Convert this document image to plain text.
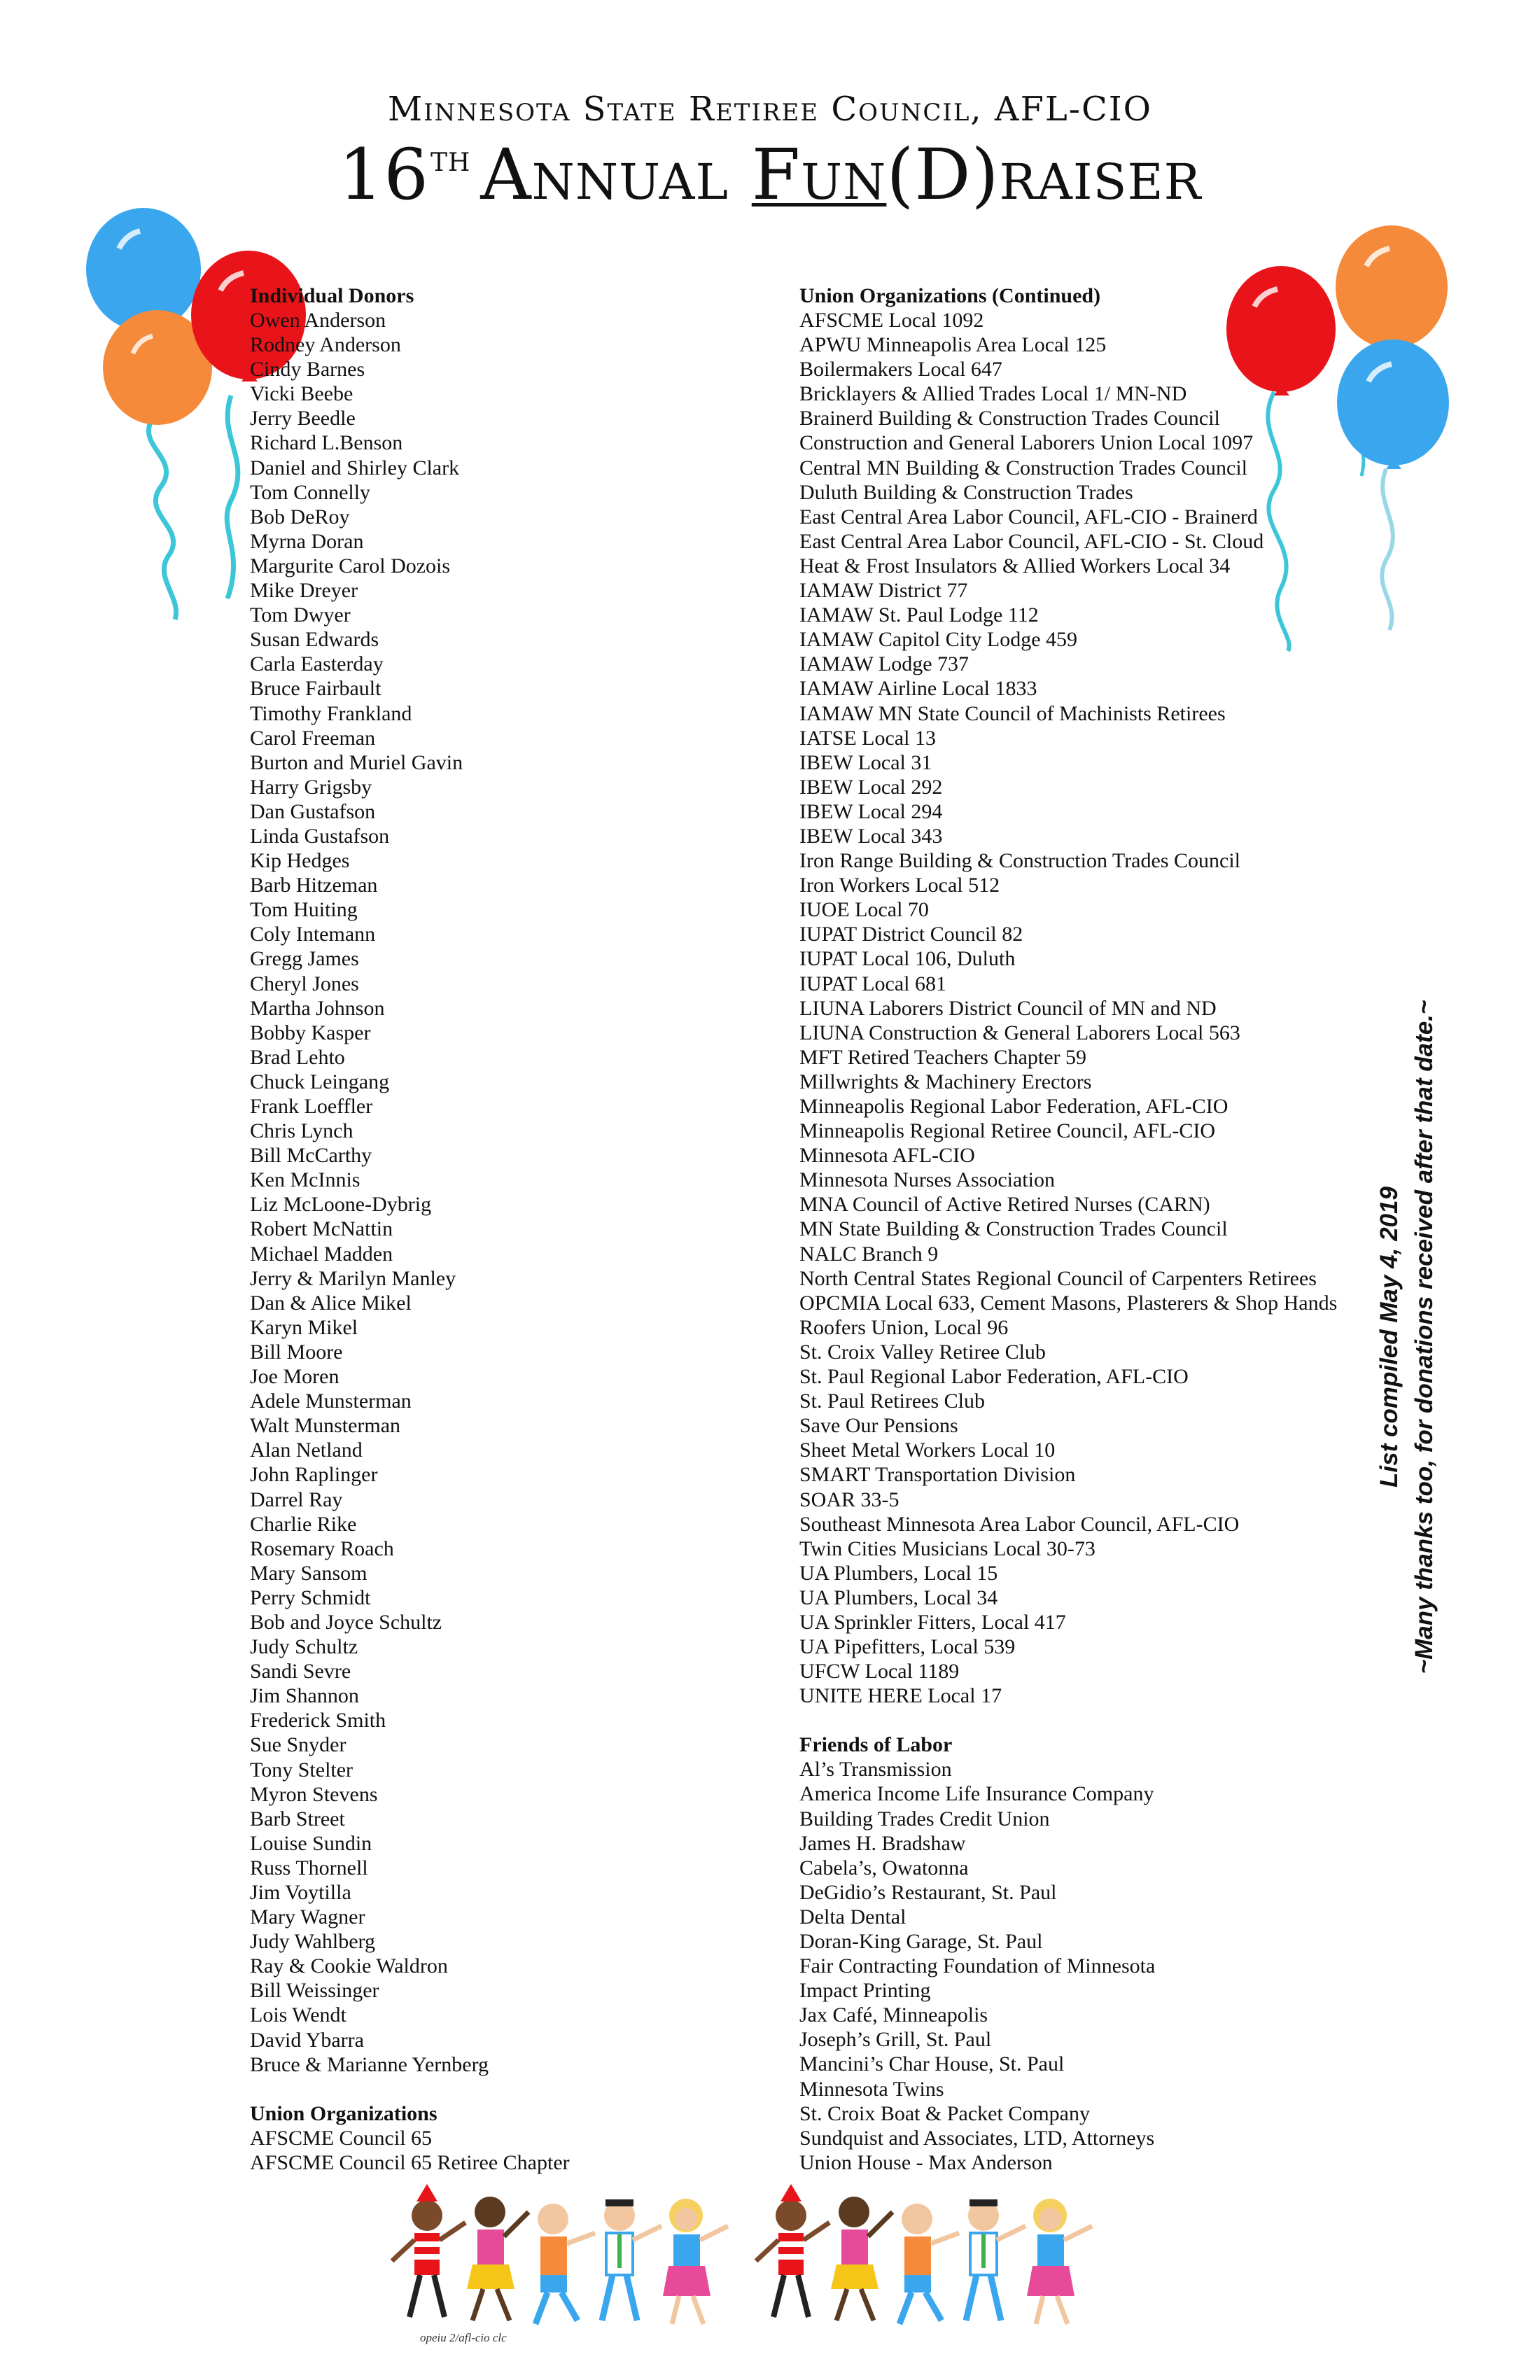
Minnesota State Retiree Council, AFL-CIO
16th Annual Fun(D)raiser
Individual Donors
Owen Anderson
Rodney Anderson
Cindy Barnes
Vicki Beebe
Jerry Beedle
Richard L.Benson
Daniel and Shirley Clark
Tom Connelly
Bob DeRoy
Myrna Doran
Margurite Carol Dozois
Mike Dreyer
Tom Dwyer
Susan Edwards
Carla Easterday
Bruce Fairbault
Timothy Frankland
Carol Freeman
Burton and Muriel Gavin
Harry Grigsby
Dan Gustafson
Linda Gustafson
Kip Hedges
Barb Hitzeman
Tom Huiting
Coly Intemann
Gregg James
Cheryl Jones
Martha Johnson
Bobby Kasper
Brad Lehto
Chuck Leingang
Frank Loeffler
Chris Lynch
Bill McCarthy
Ken McInnis
Liz McLoone-Dybrig
Robert McNattin
Michael Madden
Jerry & Marilyn Manley
Dan & Alice Mikel
Karyn Mikel
Bill Moore
Joe Moren
Adele Munsterman
Walt Munsterman
Alan Netland
John Raplinger
Darrel Ray
Charlie Rike
Rosemary Roach
Mary Sansom
Perry Schmidt
Bob and Joyce Schultz
Judy Schultz
Sandi Sevre
Jim Shannon
Frederick Smith
Sue Snyder
Tony Stelter
Myron Stevens
Barb Street
Louise Sundin
Russ Thornell
Jim Voytilla
Mary Wagner
Judy Wahlberg
Ray & Cookie Waldron
Bill Weissinger
Lois Wendt
David Ybarra
Bruce & Marianne Yernberg
Union Organizations
AFSCME Council 65
AFSCME Council 65 Retiree Chapter
Union Organizations (Continued)
AFSCME Local 1092
APWU Minneapolis Area Local 125
Boilermakers Local 647
Bricklayers & Allied Trades Local 1/ MN-ND
Brainerd Building & Construction Trades Council
Construction and General Laborers Union Local 1097
Central MN Building & Construction Trades Council
Duluth Building & Construction Trades
East Central Area Labor Council, AFL-CIO - Brainerd
East Central Area Labor Council, AFL-CIO - St. Cloud
Heat & Frost Insulators & Allied Workers Local 34
IAMAW District 77
IAMAW St. Paul Lodge 112
IAMAW Capitol City Lodge 459
IAMAW Lodge 737
IAMAW Airline Local 1833
IAMAW MN State Council of Machinists Retirees
IATSE Local 13
IBEW Local 31
IBEW Local 292
IBEW Local 294
IBEW Local 343
Iron Range Building & Construction Trades Council
Iron Workers Local 512
IUOE Local 70
IUPAT District Council 82
IUPAT Local 106, Duluth
IUPAT Local 681
LIUNA Laborers District Council of MN and ND
LIUNA Construction & General Laborers Local 563
MFT Retired Teachers Chapter 59
Millwrights & Machinery Erectors
Minneapolis Regional Labor Federation, AFL-CIO
Minneapolis Regional Retiree Council, AFL-CIO
Minnesota AFL-CIO
Minnesota Nurses Association
MNA Council of Active Retired Nurses (CARN)
MN State Building & Construction Trades Council
NALC Branch 9
North Central States Regional Council of Carpenters Retirees
OPCMIA Local 633, Cement Masons, Plasterers & Shop Hands
Roofers Union, Local 96
St. Croix Valley Retiree Club
St. Paul Regional Labor Federation, AFL-CIO
St. Paul Retirees Club
Save Our Pensions
Sheet Metal Workers Local 10
SMART Transportation Division
SOAR 33-5
Southeast Minnesota Area Labor Council, AFL-CIO
Twin Cities Musicians Local 30-73
UA Plumbers, Local 15
UA Plumbers, Local 34
UA Sprinkler Fitters, Local 417
UA Pipefitters, Local 539
UFCW Local 1189
UNITE HERE Local 17
Friends of Labor
Al’s Transmission
America Income Life Insurance Company
Building Trades Credit Union
James H. Bradshaw
Cabela’s, Owatonna
DeGidio’s Restaurant, St. Paul
Delta Dental
Doran-King Garage, St. Paul
Fair Contracting Foundation of Minnesota
Impact Printing
Jax Café, Minneapolis
Joseph’s Grill, St. Paul
Mancini’s Char House, St. Paul
Minnesota Twins
St. Croix Boat & Packet Company
Sundquist and Associates, LTD, Attorneys
Union House - Max Anderson
List compiled May 4, 2019 ~Many thanks too, for donations received after that date.~
opeiu 2/afl-cio clc
